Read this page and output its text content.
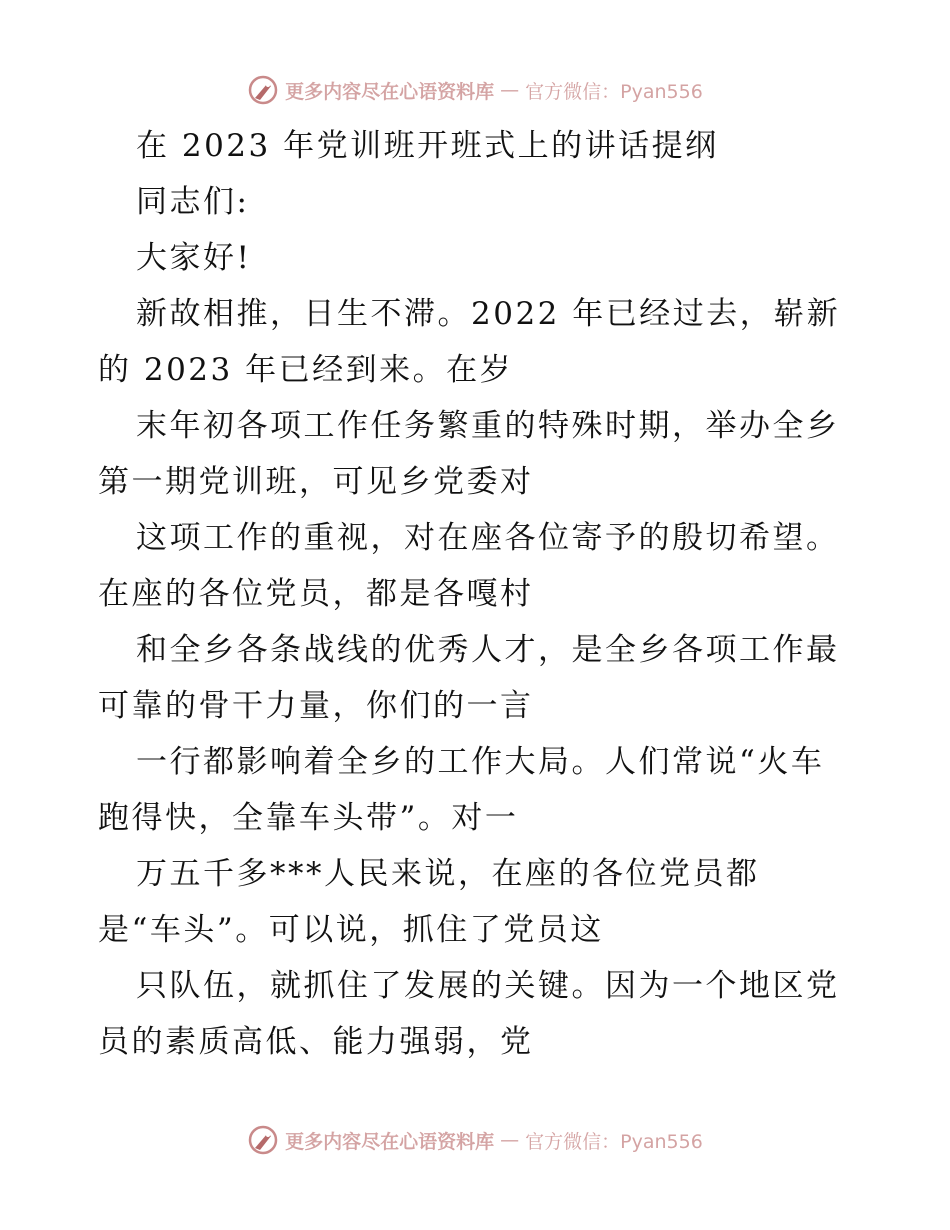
更多内容尽在心语资料库 — 官方微信：Pyan556
在 2023 年党训班开班式上的讲话提纲
同志们:
大家好!
新故相推，日生不滞。2022 年已经过去，崭新
的 2023 年已经到来。在岁
末年初各项工作任务繁重的特殊时期，举办全乡
第一期党训班，可见乡党委对
这项工作的重视，对在座各位寄予的殷切希望。
在座的各位党员，都是各嘎村
和全乡各条战线的优秀人才，是全乡各项工作最
可靠的骨干力量，你们的一言
一行都影响着全乡的工作大局。人们常说“火车
跑得快，全靠车头带”。对一
万五千多***人民来说，在座的各位党员都
是“车头”。可以说，抓住了党员这
只队伍，就抓住了发展的关键。因为一个地区党
员的素质高低、能力强弱，党
更多内容尽在心语资料库 — 官方微信：Pyan556
